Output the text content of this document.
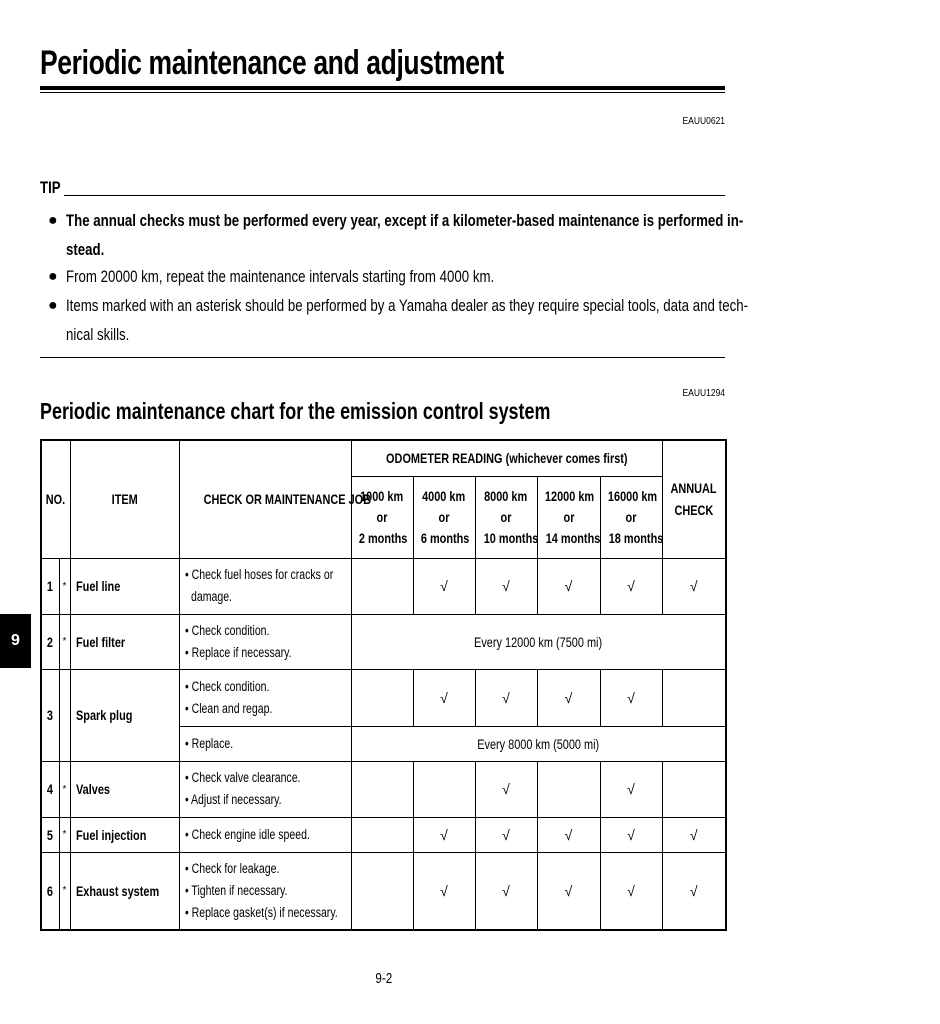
Periodic maintenance and adjustment
EAUU0621
TIP
● The annual checks must be performed every year, except if a kilometer-based maintenance is performed in-
stead.
● From 20000 km, repeat the maintenance intervals starting from 4000 km.
● Items marked with an asterisk should be performed by a Yamaha dealer as they require special tools, data and tech-
nical skills.
EAUU1294
Periodic maintenance chart for the emission control system
9
NO.		ITEM	CHECK OR MAINTENANCE JOB	ODOMETER READING (whichever comes first)					ANNUAL
CHECK
				1000 km
or
2 months	4000 km
or
6 months	8000 km
or
10 months	12000 km
or
14 months	16000 km
or
18 months	
1	*	Fuel line	• Check fuel hoses for cracks or
damage.		√	√	√	√	√
2	*	Fuel filter	• Check condition.
• Replace if necessary.	Every 12000 km (7500 mi)					
3		Spark plug	• Check condition.
• Clean and regap.		√	√	√	√	
			• Replace.	Every 8000 km (5000 mi)					
4	*	Valves	• Check valve clearance.
• Adjust if necessary.			√		√	
5	*	Fuel injection	• Check engine idle speed.		√	√	√	√	√
6	*	Exhaust system	• Check for leakage.
• Tighten if necessary.
• Replace gasket(s) if necessary.		√	√	√	√	√
9-2
